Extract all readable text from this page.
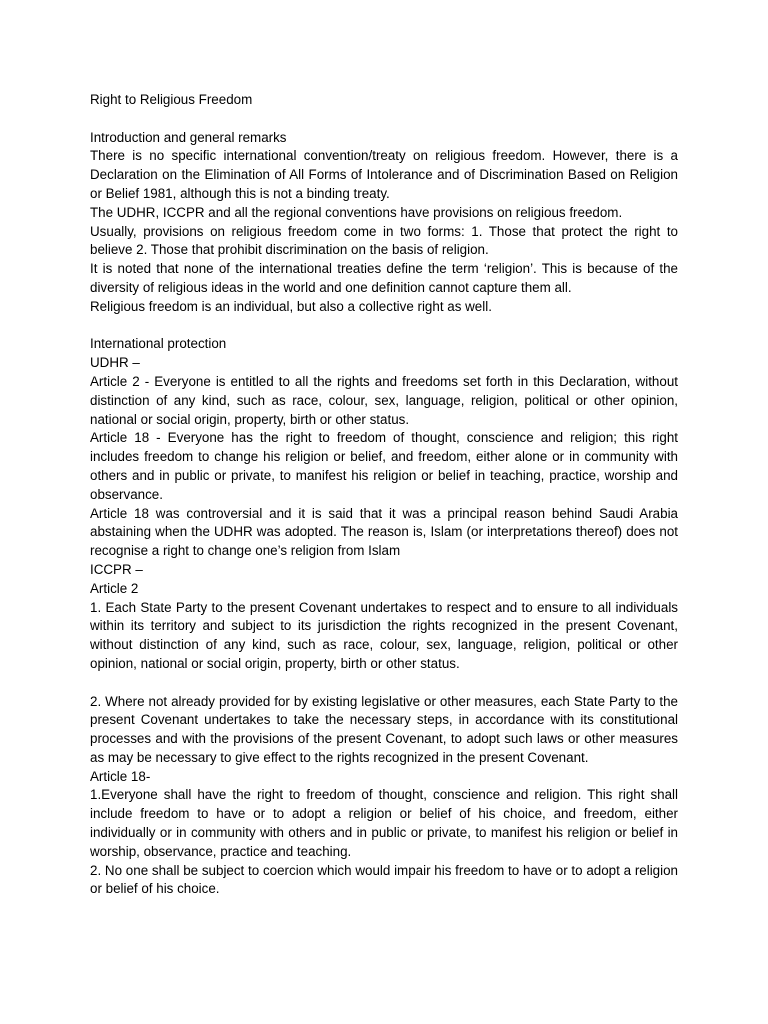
Right to Religious Freedom

Introduction and general remarks

There is no specific international convention/treaty on religious freedom. However, there is a Declaration on the Elimination of All Forms of Intolerance and of Discrimination Based on Religion or Belief 1981, although this is not a binding treaty.

The UDHR, ICCPR and all the regional conventions have provisions on religious freedom.

Usually, provisions on religious freedom come in two forms: 1. Those that protect the right to believe 2. Those that prohibit discrimination on the basis of religion.

It is noted that none of the international treaties define the term ‘religion’. This is because of the diversity of religious ideas in the world and one definition cannot capture them all.

Religious freedom is an individual, but also a collective right as well.

International protection

UDHR –

Article 2 - Everyone is entitled to all the rights and freedoms set forth in this Declaration, without distinction of any kind, such as race, colour, sex, language, religion, political or other opinion, national or social origin, property, birth or other status.

Article 18 - Everyone has the right to freedom of thought, conscience and religion; this right includes freedom to change his religion or belief, and freedom, either alone or in community with others and in public or private, to manifest his religion or belief in teaching, practice, worship and observance.

Article 18 was controversial and it is said that it was a principal reason behind Saudi Arabia abstaining when the UDHR was adopted. The reason is, Islam (or interpretations thereof) does not recognise a right to change one’s religion from Islam

ICCPR –

Article 2

1. Each State Party to the present Covenant undertakes to respect and to ensure to all individuals within its territory and subject to its jurisdiction the rights recognized in the present Covenant, without distinction of any kind, such as race, colour, sex, language, religion, political or other opinion, national or social origin, property, birth or other status.

2. Where not already provided for by existing legislative or other measures, each State Party to the present Covenant undertakes to take the necessary steps, in accordance with its constitutional processes and with the provisions of the present Covenant, to adopt such laws or other measures as may be necessary to give effect to the rights recognized in the present Covenant.

Article 18-

1.Everyone shall have the right to freedom of thought, conscience and religion. This right shall include freedom to have or to adopt a religion or belief of his choice, and freedom, either individually or in community with others and in public or private, to manifest his religion or belief in worship, observance, practice and teaching.

2. No one shall be subject to coercion which would impair his freedom to have or to adopt a religion or belief of his choice.
